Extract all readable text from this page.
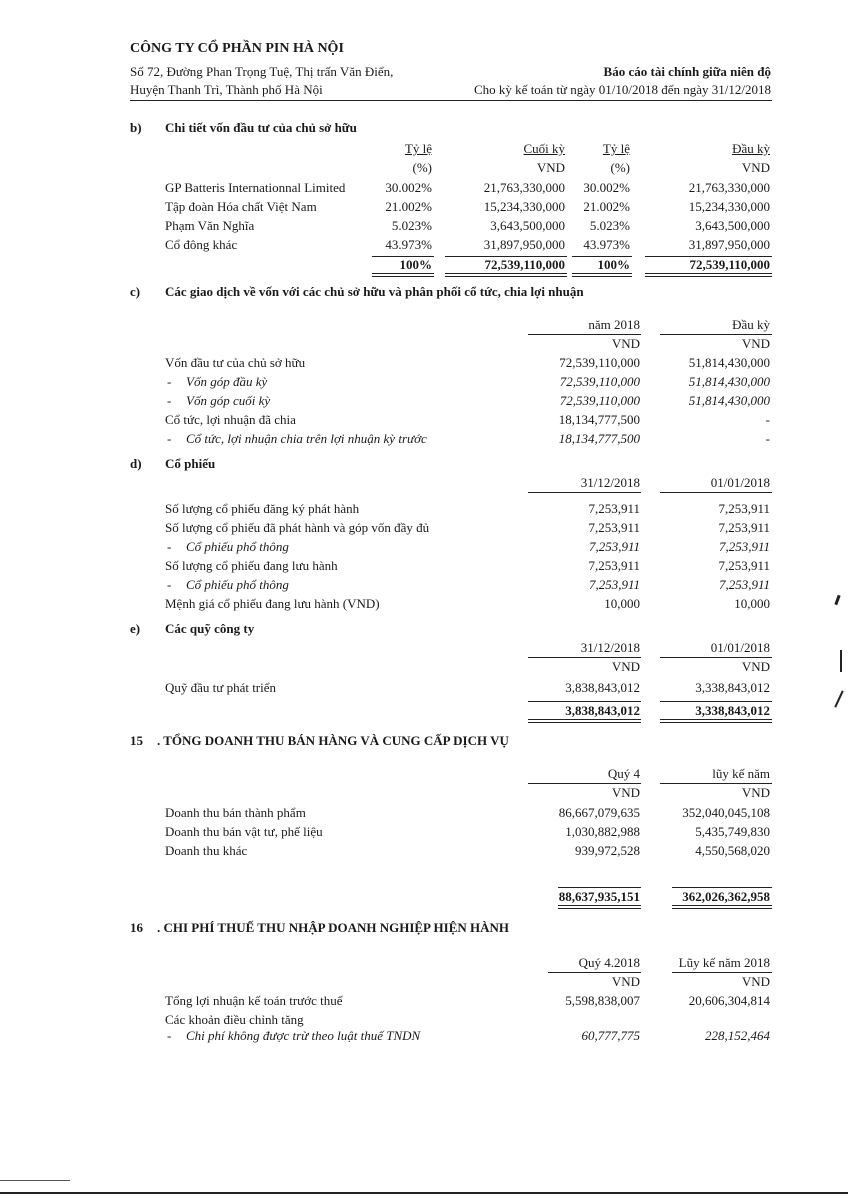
CÔNG TY CỔ PHẦN PIN HÀ NỘI
Số 72, Đường Phan Trọng Tuệ, Thị trấn Văn Điển,
Huyện Thanh Trì, Thành phố Hà Nội
Báo cáo tài chính giữa niên độ
Cho kỳ kế toán từ ngày 01/10/2018 đến ngày 31/12/2018
b) Chi tiết vốn đầu tư của chủ sở hữu
Tỷ lệ	Cuối kỳ	Tỷ lệ	Đầu kỳ
(%)	VND	(%)	VND
GP Batteris Internationnal Limited	30.002%	21,763,330,000	30.002%	21,763,330,000
Tập đoàn Hóa chất Việt Nam	21.002%	15,234,330,000	21.002%	15,234,330,000
Phạm Văn Nghĩa	5.023%	3,643,500,000	5.023%	3,643,500,000
Cổ đông khác	43.973%	31,897,950,000	43.973%	31,897,950,000
100%	72,539,110,000	100%	72,539,110,000
c) Các giao dịch về vốn với các chủ sở hữu và phân phối cổ tức, chia lợi nhuận
năm 2018	Đầu kỳ
VND	VND
Vốn đầu tư của chủ sở hữu	72,539,110,000	51,814,430,000
- Vốn góp đầu kỳ	72,539,110,000	51,814,430,000
- Vốn góp cuối kỳ	72,539,110,000	51,814,430,000
Cổ tức, lợi nhuận đã chia	18,134,777,500	-
- Cổ tức, lợi nhuận chia trên lợi nhuận kỳ trước	18,134,777,500	-
d) Cổ phiếu
31/12/2018	01/01/2018
Số lượng cổ phiếu đăng ký phát hành	7,253,911	7,253,911
Số lượng cổ phiếu đã phát hành và góp vốn đầy đủ	7,253,911	7,253,911
- Cổ phiếu phổ thông	7,253,911	7,253,911
Số lượng cổ phiếu đang lưu hành	7,253,911	7,253,911
- Cổ phiếu phổ thông	7,253,911	7,253,911
Mệnh giá cổ phiếu đang lưu hành (VND)	10,000	10,000
e) Các quỹ công ty
31/12/2018	01/01/2018
VND	VND
Quỹ đầu tư phát triển	3,838,843,012	3,338,843,012
3,838,843,012	3,338,843,012
15 . TỔNG DOANH THU BÁN HÀNG VÀ CUNG CẤP DỊCH VỤ
Quý 4	lũy kế năm
VND	VND
Doanh thu bán thành phẩm	86,667,079,635	352,040,045,108
Doanh thu bán vật tư, phế liệu	1,030,882,988	5,435,749,830
Doanh thu khác	939,972,528	4,550,568,020
88,637,935,151	362,026,362,958
16 . CHI PHÍ THUẾ THU NHẬP DOANH NGHIỆP HIỆN HÀNH
Quý 4.2018	Lũy kế năm 2018
VND	VND
Tổng lợi nhuận kế toán trước thuế	5,598,838,007	20,606,304,814
Các khoản điều chỉnh tăng
- Chi phí không được trừ theo luật thuế TNDN	60,777,775	228,152,464
